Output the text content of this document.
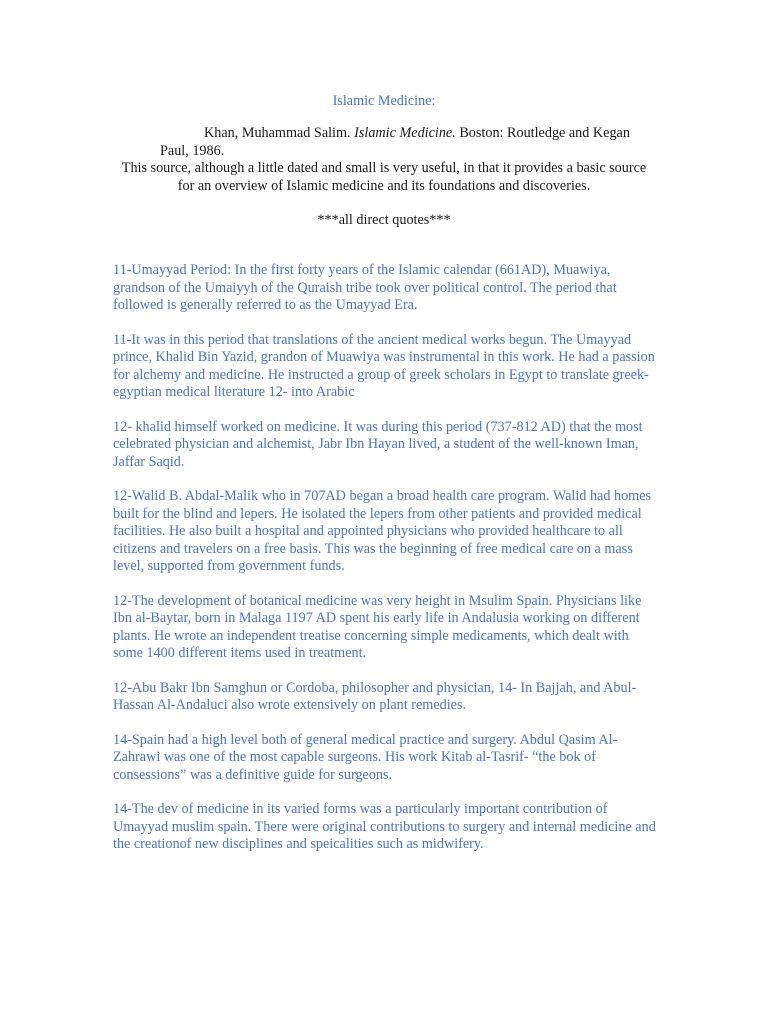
Islamic Medicine:
Khan, Muhammad Salim. Islamic Medicine. Boston: Routledge and Kegan Paul, 1986.
This source, although a little dated and small is very useful, in that it provides a basic source for an overview of Islamic medicine and its foundations and discoveries.
***all direct quotes***

11-Umayyad Period: In the first forty years of the Islamic calendar (661AD), Muawiya, grandson of the Umaiyyh of the Quraish tribe took over political control. The period that followed is generally referred to as the Umayyad Era.

11-It was in this period that translations of the ancient medical works begun. The Umayyad prince, Khalid Bin Yazid, grandon of Muawiya was instrumental in this work. He had a passion for alchemy and medicine. He instructed a group of greek scholars in Egypt to translate greek-egyptian medical literature 12- into Arabic

12- khalid himself worked on medicine. It was during this period (737-812 AD) that the most celebrated physician and alchemist, Jabr Ibn Hayan lived, a student of the well-known Iman, Jaffar Saqid.

12-Walid B. Abdal-Malik who in 707AD began a broad health care program. Walid had homes built for the blind and lepers. He isolated the lepers from other patients and provided medical facilities. He also built a hospital and appointed physicians who provided healthcare to all citizens and travelers on a free basis. This was the beginning of free medical care on a mass level, supported from government funds.

12-The development of botanical medicine was very height in Msulim Spain. Physicians like Ibn al-Baytar, born in Malaga 1197 AD spent his early life in Andalusia working on different plants. He wrote an independent treatise concerning simple medicaments, which dealt with some 1400 different items used in treatment.

12-Abu Bakr Ibn Samghun or Cordoba, philosopher and physician, 14- In Bajjah, and Abul-Hassan Al-Andaluci also wrote extensively on plant remedies.

14-Spain had a high level both of general medical practice and surgery. Abdul Qasim Al-Zahrawi was one of the most capable surgeons. His work Kitab al-Tasrif- “the bok of consessions” was a definitive guide for surgeons.

14-The dev of medicine in its varied forms was a particularly important contribution of Umayyad muslim spain. There were original contributions to surgery and internal medicine and the creationof new disciplines and speicalities such as midwifery.
